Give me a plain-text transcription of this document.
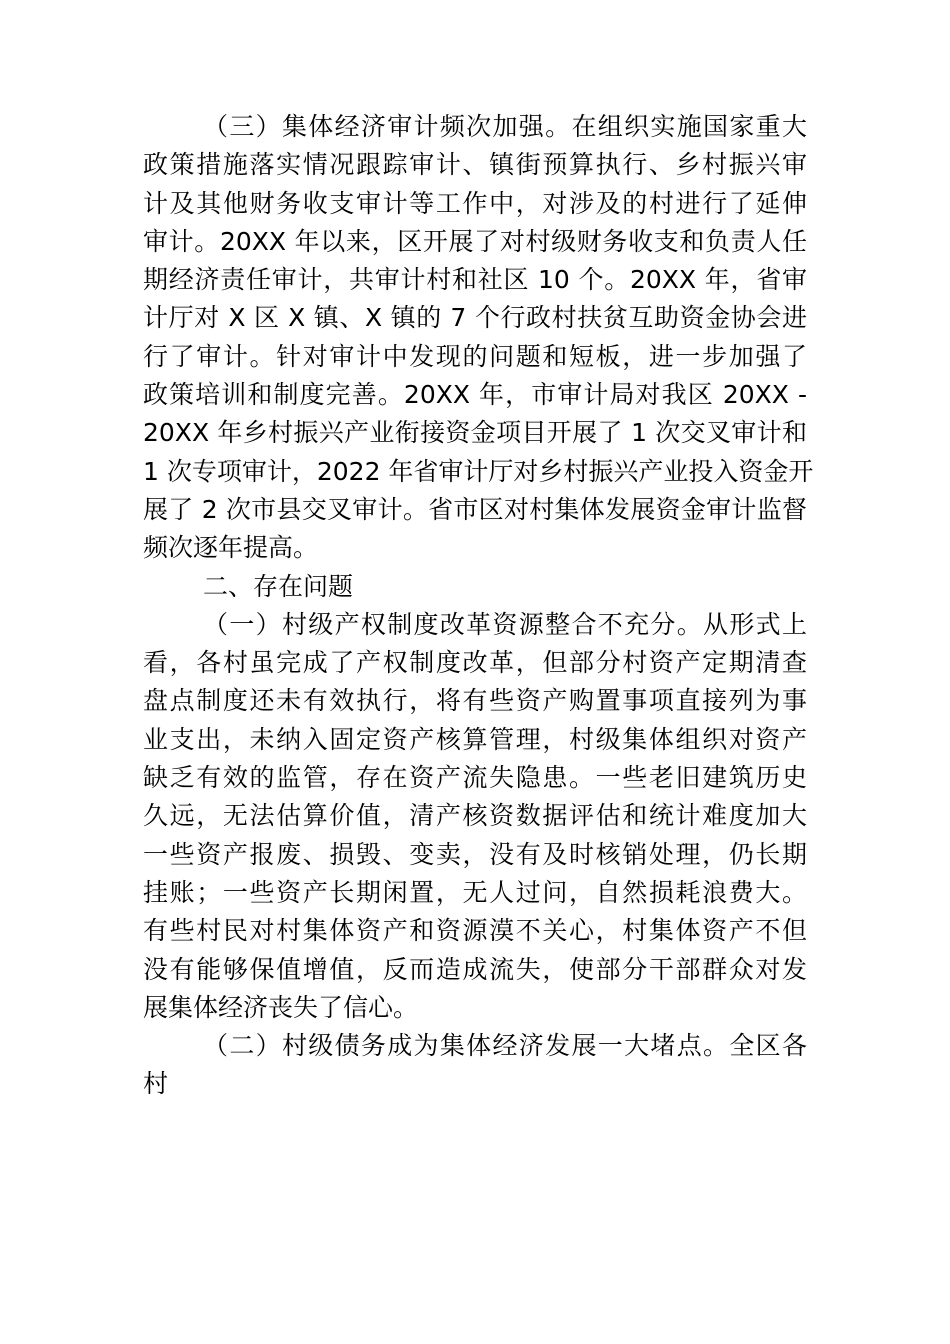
（三）集体经济审计频次加强。在组织实施国家重大
政策措施落实情况跟踪审计、镇街预算执行、乡村振兴审
计及其他财务收支审计等工作中，对涉及的村进行了延伸
审计。20XX 年以来，区开展了对村级财务收支和负责人任
期经济责任审计，共审计村和社区 10 个。20XX 年，省审
计厅对 X 区 X 镇、X 镇的 7 个行政村扶贫互助资金协会进
行了审计。针对审计中发现的问题和短板，进一步加强了
政策培训和制度完善。20XX 年，市审计局对我区 20XX -
20XX 年乡村振兴产业衔接资金项目开展了 1 次交叉审计和
1 次专项审计，2022 年省审计厅对乡村振兴产业投入资金开
展了 2 次市县交叉审计。省市区对村集体发展资金审计监督
频次逐年提高。
二、存在问题
（一）村级产权制度改革资源整合不充分。从形式上
看，各村虽完成了产权制度改革，但部分村资产定期清查
盘点制度还未有效执行，将有些资产购置事项直接列为事
业支出，未纳入固定资产核算管理，村级集体组织对资产
缺乏有效的监管，存在资产流失隐患。一些老旧建筑历史
久远，无法估算价值，清产核资数据评估和统计难度加大
一些资产报废、损毁、变卖，没有及时核销处理，仍长期
挂账；一些资产长期闲置，无人过问，自然损耗浪费大。
有些村民对村集体资产和资源漠不关心，村集体资产不但
没有能够保值增值，反而造成流失，使部分干部群众对发
展集体经济丧失了信心。
（二）村级债务成为集体经济发展一大堵点。全区各
村
